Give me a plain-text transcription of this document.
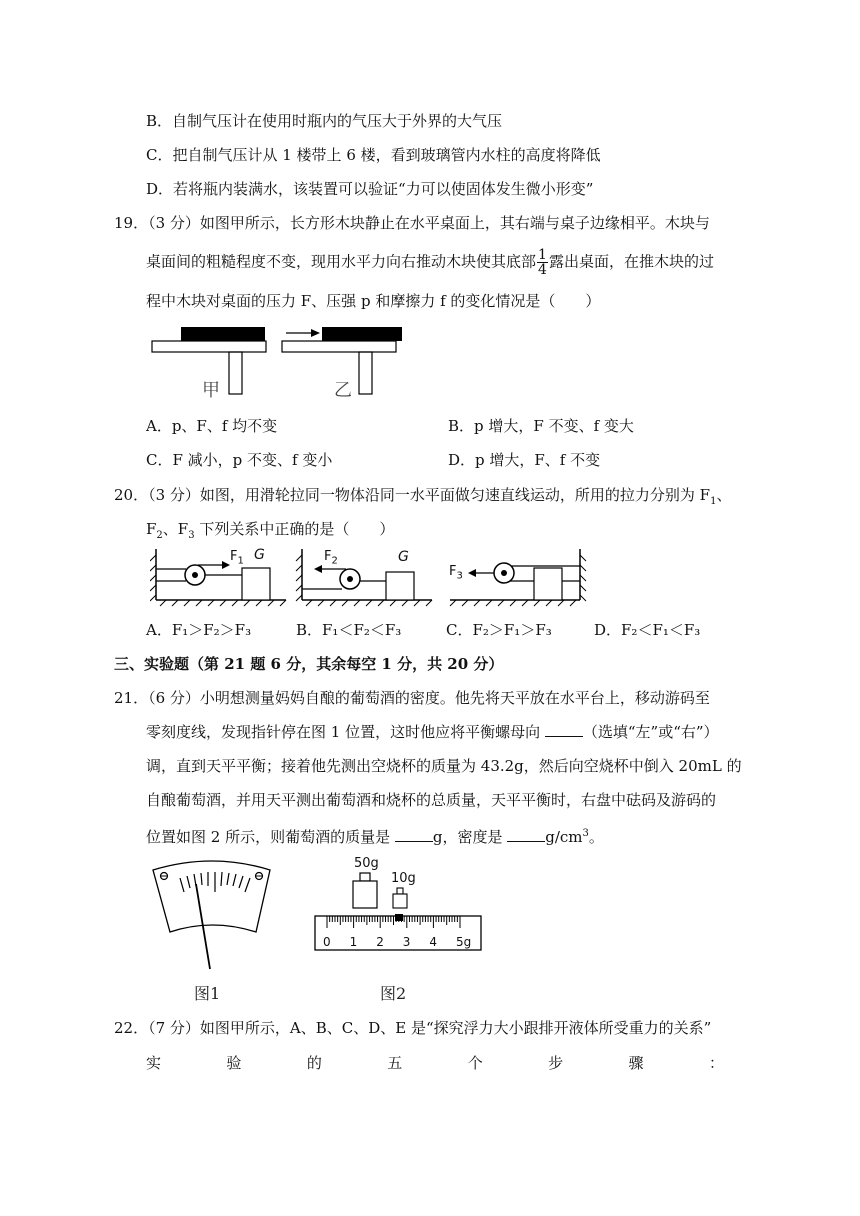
B．自制气压计在使用时瓶内的气压大于外界的大气压
C．把自制气压计从 1 楼带上 6 楼，看到玻璃管内水柱的高度将降低
D．若将瓶内装满水，该装置可以验证“力可以使固体发生微小形变”
19．（3 分）如图甲所示，长方形木块静止在水平桌面上，其右端与桌子边缘相平。木块与
桌面间的粗糙程度不变，现用水平力向右推动木块使其底部 $\frac{1}{4}$ 露出桌面，在推木块的过
程中木块对桌面的压力 F、压强 p 和摩擦力 f 的变化情况是（　　）
甲	乙
A．p、F、f 均不变	B．p 增大，F 不变、f 变大
C．F 减小，p 不变、f 变小	D．p 增大，F、f 不变
20．（3 分）如图，用滑轮拉同一物体沿同一水平面做匀速直线运动，所用的拉力分别为 $F_1$、
$F_2$、$F_3$ 下列关系中正确的是（　　）
$F_1$ G	$F_2$	G
$F_3$
A．F₁＞F₂＞F₃	B．F₁＜F₂＜F₃	C．F₂＞F₁＞F₃	D．F₂＜F₁＜F₃
三、实验题（第 21 题 6 分，其余每空 1 分，共 20 分）
21．（6 分）小明想测量妈妈自酿的葡萄酒的密度。他先将天平放在水平台上，移动游码至
零刻度线，发现指针停在图 1 位置，这时他应将平衡螺母向	（选填“左”或“右”）
调，直到天平平衡；接着他先测出空烧杯的质量为 43.2g，然后向空烧杯中倒入 20mL 的
自酿葡萄酒，并用天平测出葡萄酒和烧杯的总质量，天平平衡时，右盘中砝码及游码的
位置如图 2 所示，则葡萄酒的质量是	g，密度是	$g/cm^3$。
图1
50g
10g
0 1 2 3 4 5g
图2
22．（7 分）如图甲所示，A、B、C、D、E 是“探究浮力大小跟排开液体所受重力的关系”
实	验	的	五	个	步	骤	：
